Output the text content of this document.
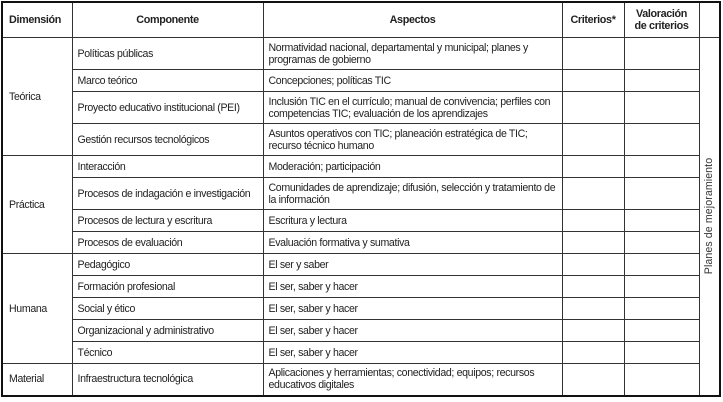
Dimensión	Componente	Aspectos	Criterios*	Valoración de criterios	
Teórica	Políticas públicas	Normatividad nacional, departamental y municipal; planes y programas de gobierno			Planes de mejoramiento

	Marco teórico	Concepciones; políticas TIC			
	Proyecto educativo institucional (PEI)	Inclusión TIC en el currículo; manual de convivencia; perfiles con competencias TIC; evaluación de los aprendizajes			
	Gestión recursos tecnológicos	Asuntos operativos con TIC; planeación estratégica de TIC; recurso técnico humano			
Práctica	Interacción	Moderación; participación			
	Procesos de indagación e investigación	Comunidades de aprendizaje; difusión, selección y tratamiento de la información			
	Procesos de lectura y escritura	Escritura y lectura			
	Procesos de evaluación	Evaluación formativa y sumativa			
Humana	Pedagógico	El ser y saber			
	Formación profesional	El ser, saber y hacer			
	Social y ético	El ser, saber y hacer			
	Organizacional y administrativo	El ser, saber y hacer			
	Técnico	El ser, saber y hacer			
Material	Infraestructura tecnológica	Aplicaciones y herramientas; conectividad; equipos; recursos educativos digitales			
